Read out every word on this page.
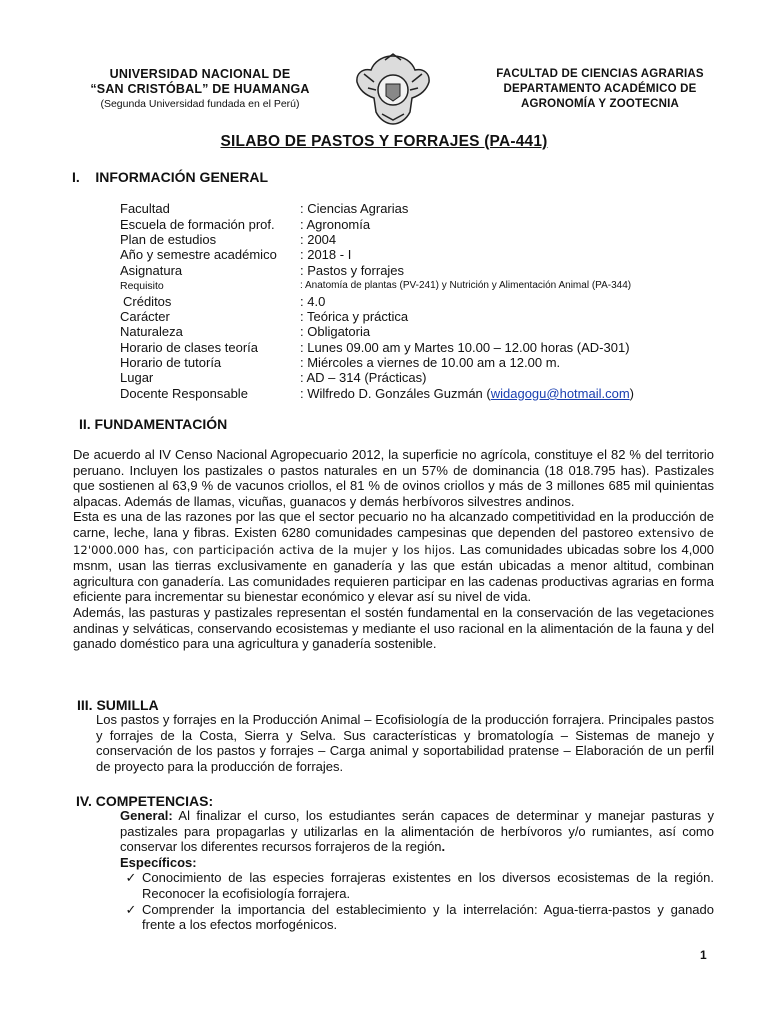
UNIVERSIDAD NACIONAL DE
“SAN CRISTÓBAL” DE HUAMANGA
(Segunda Universidad fundada en el Perú)
FACULTAD DE CIENCIAS AGRARIAS
DEPARTAMENTO ACADÉMICO DE
AGRONOMÍA Y ZOOTECNIA
SILABO DE PASTOS Y FORRAJES (PA-441)
I.    INFORMACIÓN GENERAL
Facultad	: Ciencias Agrarias
Escuela de formación prof.	: Agronomía
Plan de estudios	: 2004
Año y semestre académico	: 2018 - I
Asignatura	: Pastos y forrajes
Requisito	: Anatomía de plantas (PV-241) y Nutrición y Alimentación Animal (PA-344)
Créditos	: 4.0
Carácter	: Teórica y práctica
Naturaleza	: Obligatoria
Horario de clases teoría	: Lunes 09.00 am y Martes 10.00 – 12.00 horas (AD-301)
Horario de tutoría	: Miércoles a viernes de 10.00 am a 12.00 m.
Lugar	: AD – 314 (Prácticas)
Docente Responsable	: Wilfredo D. Gonzáles Guzmán (widagogu@hotmail.com)
II. FUNDAMENTACIÓN

De acuerdo al IV Censo Nacional Agropecuario 2012, la superficie no agrícola, constituye el 82 % del territorio peruano. Incluyen los pastizales o pastos naturales en un 57% de dominancia (18 018.795 has). Pastizales que sostienen al 63,9 % de vacunos criollos, el 81 % de ovinos criollos y más de 3 millones 685 mil quinientas alpacas. Además de llamas, vicuñas, guanacos y demás herbívoros silvestres andinos.

Esta es una de las razones por las que el sector pecuario no ha alcanzado competitividad en la producción de carne, leche, lana y fibras. Existen 6280 comunidades campesinas que dependen del pastoreo extensivo de 12'000.000 has, con participación activa de la mujer y los hijos. Las comunidades ubicadas sobre los 4,000 msnm, usan las tierras exclusivamente en ganadería y las que están ubicadas a menor altitud, combinan agricultura con ganadería. Las comunidades requieren participar en las cadenas productivas agrarias en forma eficiente para incrementar su bienestar económico y elevar así su nivel de vida.

Además, las pasturas y pastizales representan el sostén fundamental en la conservación de las vegetaciones andinas y selváticas, conservando ecosistemas y mediante el uso racional en la alimentación de la fauna y del ganado doméstico para una agricultura y ganadería sostenible.

III. SUMILLA
Los pastos y forrajes en la Producción Animal – Ecofisiología de la producción forrajera. Principales pastos y forrajes de la Costa, Sierra y Selva. Sus características y bromatología – Sistemas de manejo y conservación de los pastos y forrajes – Carga animal y soportabilidad pratense – Elaboración de un perfil de proyecto para la producción de forrajes.
IV. COMPETENCIAS:
General: Al finalizar el curso, los estudiantes serán capaces de determinar y manejar pasturas y pastizales para propagarlas y utilizarlas en la alimentación de herbívoros y/o rumiantes, así como conservar los diferentes recursos forrajeros de la región.
Específicos:
✓ Conocimiento de las especies forrajeras existentes en los diversos ecosistemas de la región. Reconocer la ecofisiología forrajera.
✓ Comprender la importancia del establecimiento y la interrelación: Agua-tierra-pastos y ganado frente a los efectos morfogénicos.
1
